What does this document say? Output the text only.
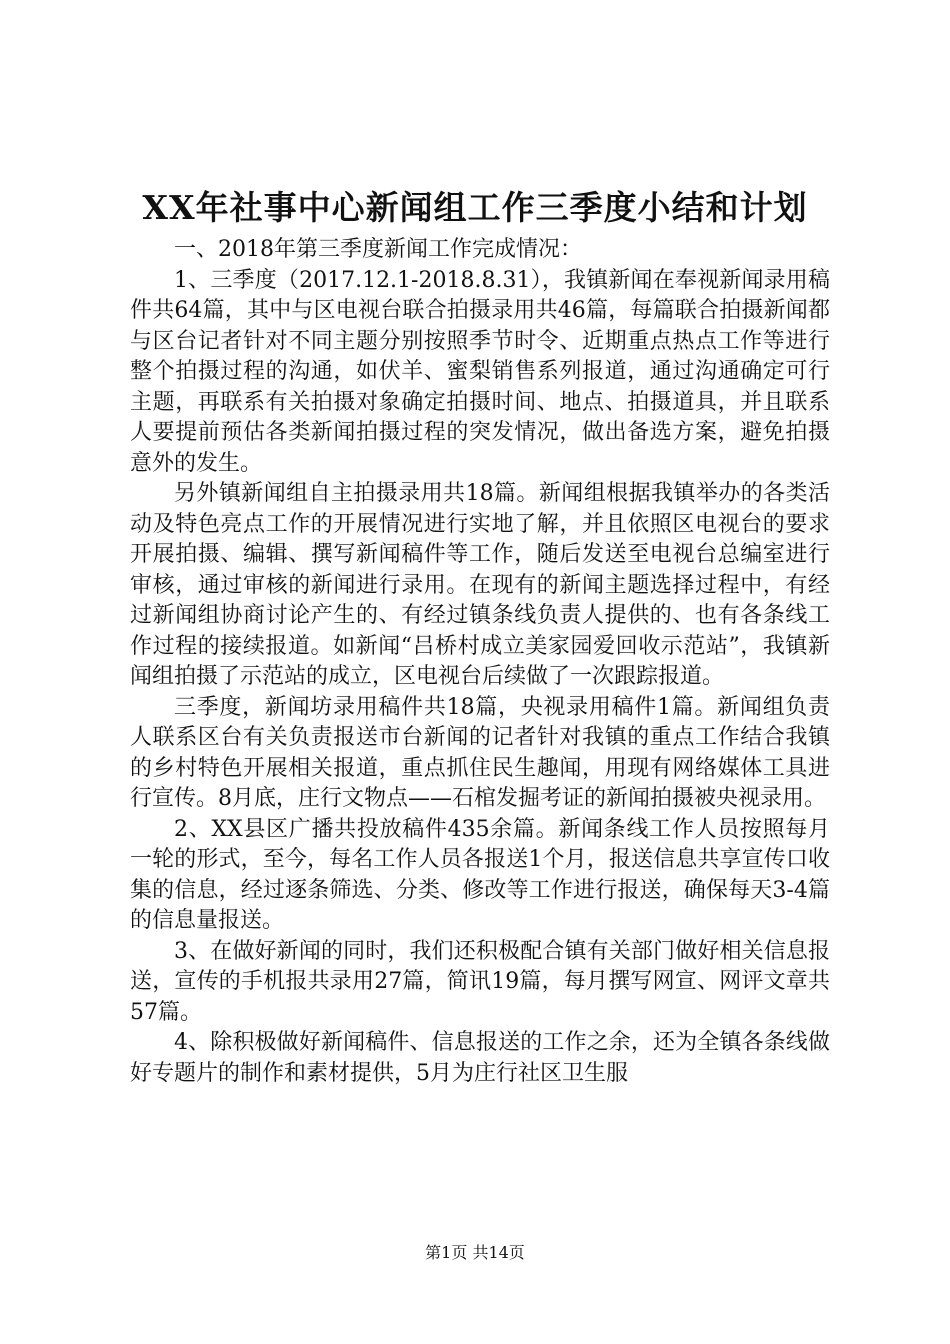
XX年社事中心新闻组工作三季度小结和计划

一、2018年第三季度新闻工作完成情况：

1、三季度（2017.12.1-2018.8.31），我镇新闻在奉视新闻录用稿件共64篇，其中与区电视台联合拍摄录用共46篇，每篇联合拍摄新闻都与区台记者针对不同主题分别按照季节时令、近期重点热点工作等进行整个拍摄过程的沟通，如伏羊、蜜梨销售系列报道，通过沟通确定可行主题，再联系有关拍摄对象确定拍摄时间、地点、拍摄道具，并且联系人要提前预估各类新闻拍摄过程的突发情况，做出备选方案，避免拍摄意外的发生。

另外镇新闻组自主拍摄录用共18篇。新闻组根据我镇举办的各类活动及特色亮点工作的开展情况进行实地了解，并且依照区电视台的要求开展拍摄、编辑、撰写新闻稿件等工作，随后发送至电视台总编室进行审核，通过审核的新闻进行录用。在现有的新闻主题选择过程中，有经过新闻组协商讨论产生的、有经过镇条线负责人提供的、也有各条线工作过程的接续报道。如新闻“吕桥村成立美家园爱回收示范站”，我镇新闻组拍摄了示范站的成立，区电视台后续做了一次跟踪报道。

三季度，新闻坊录用稿件共18篇，央视录用稿件1篇。新闻组负责人联系区台有关负责报送市台新闻的记者针对我镇的重点工作结合我镇的乡村特色开展相关报道，重点抓住民生趣闻，用现有网络媒体工具进行宣传。8月底，庄行文物点——石棺发掘考证的新闻拍摄被央视录用。

2、XX县区广播共投放稿件435余篇。新闻条线工作人员按照每月一轮的形式，至今，每名工作人员各报送1个月，报送信息共享宣传口收集的信息，经过逐条筛选、分类、修改等工作进行报送，确保每天3-4篇的信息量报送。

3、在做好新闻的同时，我们还积极配合镇有关部门做好相关信息报送，宣传的手机报共录用27篇，简讯19篇，每月撰写网宣、网评文章共57篇。

4、除积极做好新闻稿件、信息报送的工作之余，还为全镇各条线做好专题片的制作和素材提供，5月为庄行社区卫生服

第1页 共14页
